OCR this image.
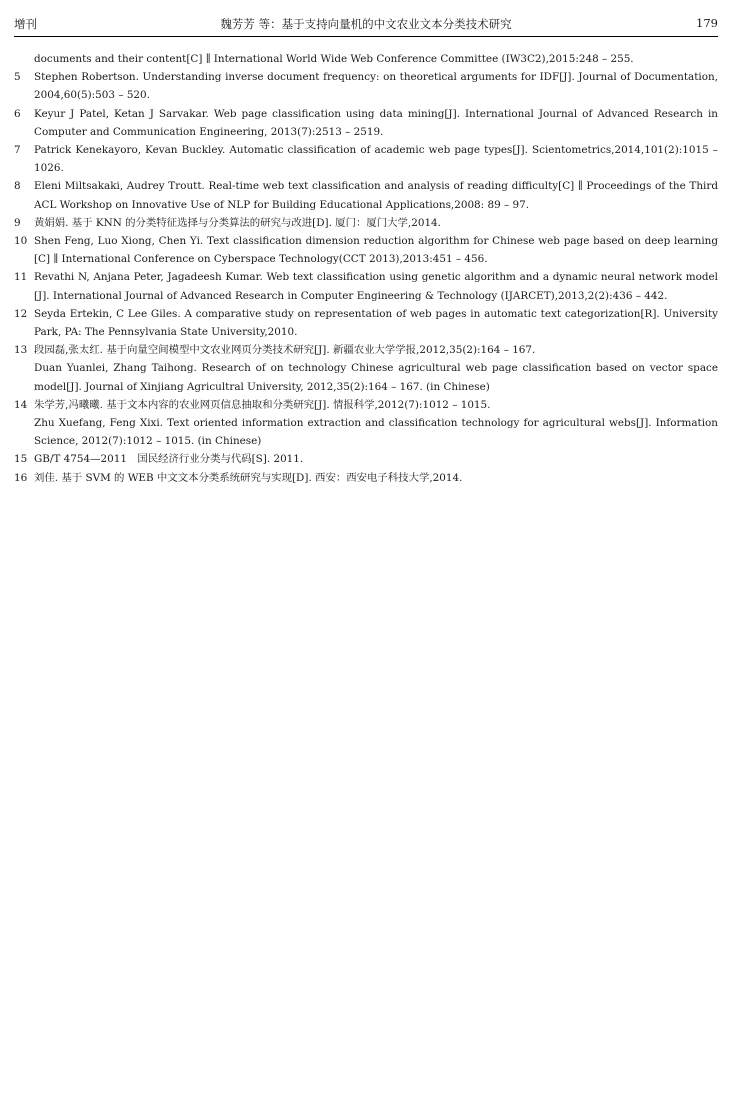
增刊	魏芳芳 等：基于支持向量机的中文农业文本分类技术研究	179
documents and their content[C] ∥ International World Wide Web Conference Committee (IW3C2),2015:248 – 255.
5 Stephen Robertson. Understanding inverse document frequency: on theoretical arguments for IDF[J]. Journal of Documentation, 2004,60(5):503 – 520.
6 Keyur J Patel, Ketan J Sarvakar. Web page classification using data mining[J]. International Journal of Advanced Research in Computer and Communication Engineering, 2013(7):2513 – 2519.
7 Patrick Kenekayoro, Kevan Buckley. Automatic classification of academic web page types[J]. Scientometrics,2014,101(2):1015 – 1026.
8 Eleni Miltsakaki, Audrey Troutt. Real-time web text classification and analysis of reading difficulty[C] ∥ Proceedings of the Third ACL Workshop on Innovative Use of NLP for Building Educational Applications,2008: 89 – 97.
9 黄娟娟. 基于 KNN 的分类特征选择与分类算法的研究与改进[D]. 厦门：厦门大学,2014.
10 Shen Feng, Luo Xiong, Chen Yi. Text classification dimension reduction algorithm for Chinese web page based on deep learning [C] ∥ International Conference on Cyberspace Technology(CCT 2013),2013:451 – 456.
11 Revathi N, Anjana Peter, Jagadeesh Kumar. Web text classification using genetic algorithm and a dynamic neural network model [J]. International Journal of Advanced Research in Computer Engineering & Technology (IJARCET),2013,2(2):436 – 442.
12 Seyda Ertekin, C Lee Giles. A comparative study on representation of web pages in automatic text categorization[R]. University Park, PA: The Pennsylvania State University,2010.
13 段园磊,张太红. 基于向量空间模型中文农业网页分类技术研究[J]. 新疆农业大学学报,2012,35(2):164 – 167.
Duan Yuanlei, Zhang Taihong. Research of on technology Chinese agricultural web page classification based on vector space model[J]. Journal of Xinjiang Agricultral University, 2012,35(2):164 – 167. (in Chinese)
14 朱学芳,冯曦曦. 基于文本内容的农业网页信息抽取和分类研究[J]. 情报科学,2012(7):1012 – 1015.
Zhu Xuefang, Feng Xixi. Text oriented information extraction and classification technology for agricultural webs[J]. Information Science, 2012(7):1012 – 1015. (in Chinese)
15 GB/T 4754—2011　国民经济行业分类与代码[S]. 2011.
16 刘佳. 基于 SVM 的 WEB 中文文本分类系统研究与实现[D]. 西安：西安电子科技大学,2014.
